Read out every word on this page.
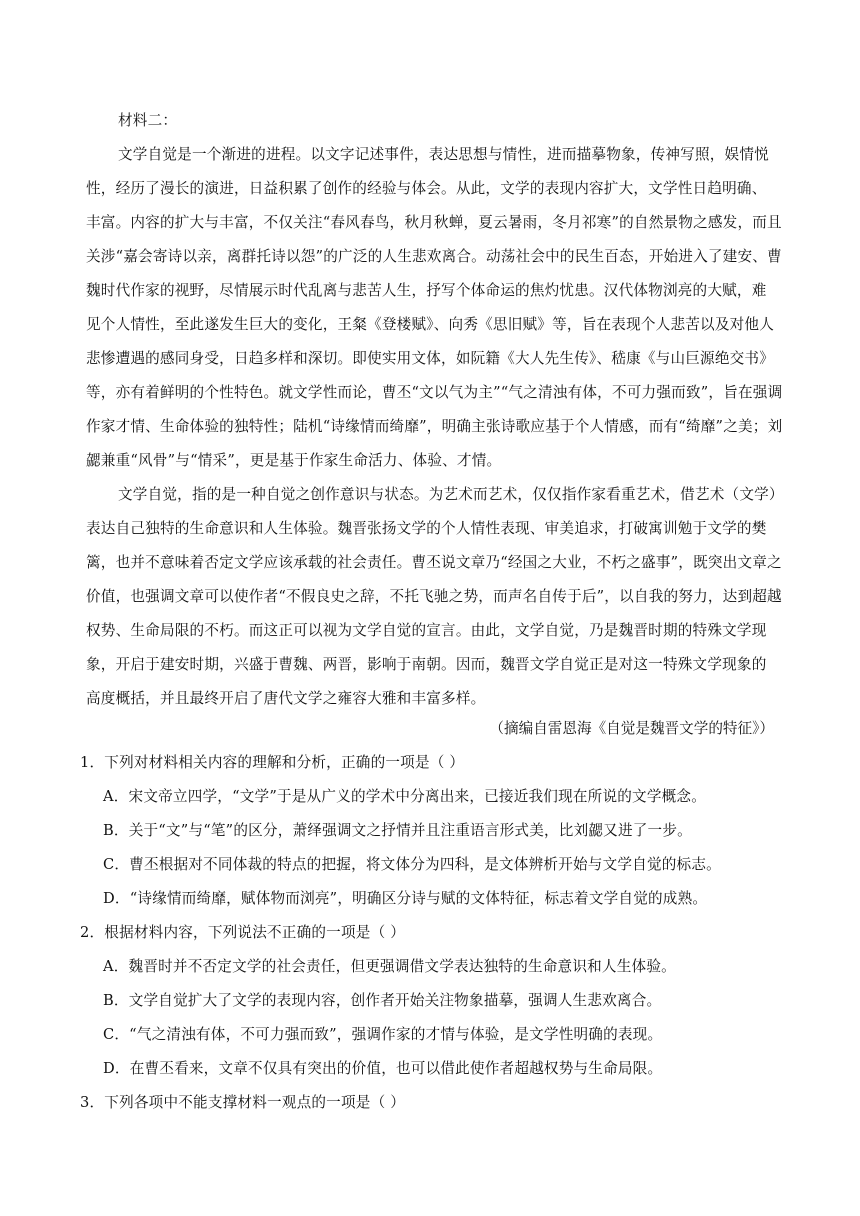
材料二：
文学自觉是一个渐进的进程。以文字记述事件，表达思想与情性，进而描摹物象，传神写照，娱情悦
性，经历了漫长的演进，日益积累了创作的经验与体会。从此，文学的表现内容扩大，文学性日趋明确、
丰富。内容的扩大与丰富，不仅关注“春风春鸟，秋月秋蝉，夏云暑雨，冬月祁寒”的自然景物之感发，而且
关涉“嘉会寄诗以亲，离群托诗以怨”的广泛的人生悲欢离合。动荡社会中的民生百态，开始进入了建安、曹
魏时代作家的视野，尽情展示时代乱离与悲苦人生，抒写个体命运的焦灼忧患。汉代体物浏亮的大赋，难
见个人情性，至此遂发生巨大的变化，王粲《登楼赋》、向秀《思旧赋》等，旨在表现个人悲苦以及对他人
悲惨遭遇的感同身受，日趋多样和深切。即使实用文体，如阮籍《大人先生传》、嵇康《与山巨源绝交书》
等，亦有着鲜明的个性特色。就文学性而论，曹丕“文以气为主”“气之清浊有体，不可力强而致”，旨在强调
作家才情、生命体验的独特性；陆机“诗缘情而绮靡”，明确主张诗歌应基于个人情感，而有“绮靡”之美；刘
勰兼重“风骨”与“情采”，更是基于作家生命活力、体验、才情。
文学自觉，指的是一种自觉之创作意识与状态。为艺术而艺术，仅仅指作家看重艺术，借艺术（文学）
表达自己独特的生命意识和人生体验。魏晋张扬文学的个人情性表现、审美追求，打破寓训勉于文学的樊
篱，也并不意味着否定文学应该承载的社会责任。曹丕说文章乃“经国之大业，不朽之盛事”，既突出文章之
价值，也强调文章可以使作者“不假良史之辞，不托飞驰之势，而声名自传于后”，以自我的努力，达到超越
权势、生命局限的不朽。而这正可以视为文学自觉的宣言。由此，文学自觉，乃是魏晋时期的特殊文学现
象，开启于建安时期，兴盛于曹魏、两晋，影响于南朝。因而，魏晋文学自觉正是对这一特殊文学现象的
高度概括，并且最终开启了唐代文学之雍容大雅和丰富多样。
（摘编自雷恩海《自觉是魏晋文学的特征》）
1．下列对材料相关内容的理解和分析，正确的一项是（ ）
A．宋文帝立四学，“文学”于是从广义的学术中分离出来，已接近我们现在所说的文学概念。
B．关于“文”与“笔”的区分，萧绎强调文之抒情并且注重语言形式美，比刘勰又进了一步。
C．曹丕根据对不同体裁的特点的把握，将文体分为四科，是文体辨析开始与文学自觉的标志。
D．“诗缘情而绮靡，赋体物而浏亮”，明确区分诗与赋的文体特征，标志着文学自觉的成熟。
2．根据材料内容，下列说法不正确的一项是（ ）
A．魏晋时并不否定文学的社会责任，但更强调借文学表达独特的生命意识和人生体验。
B．文学自觉扩大了文学的表现内容，创作者开始关注物象描摹，强调人生悲欢离合。
C．“气之清浊有体，不可力强而致”，强调作家的才情与体验，是文学性明确的表现。
D．在曹丕看来，文章不仅具有突出的价值，也可以借此使作者超越权势与生命局限。
3．下列各项中不能支撑材料一观点的一项是（ ）
